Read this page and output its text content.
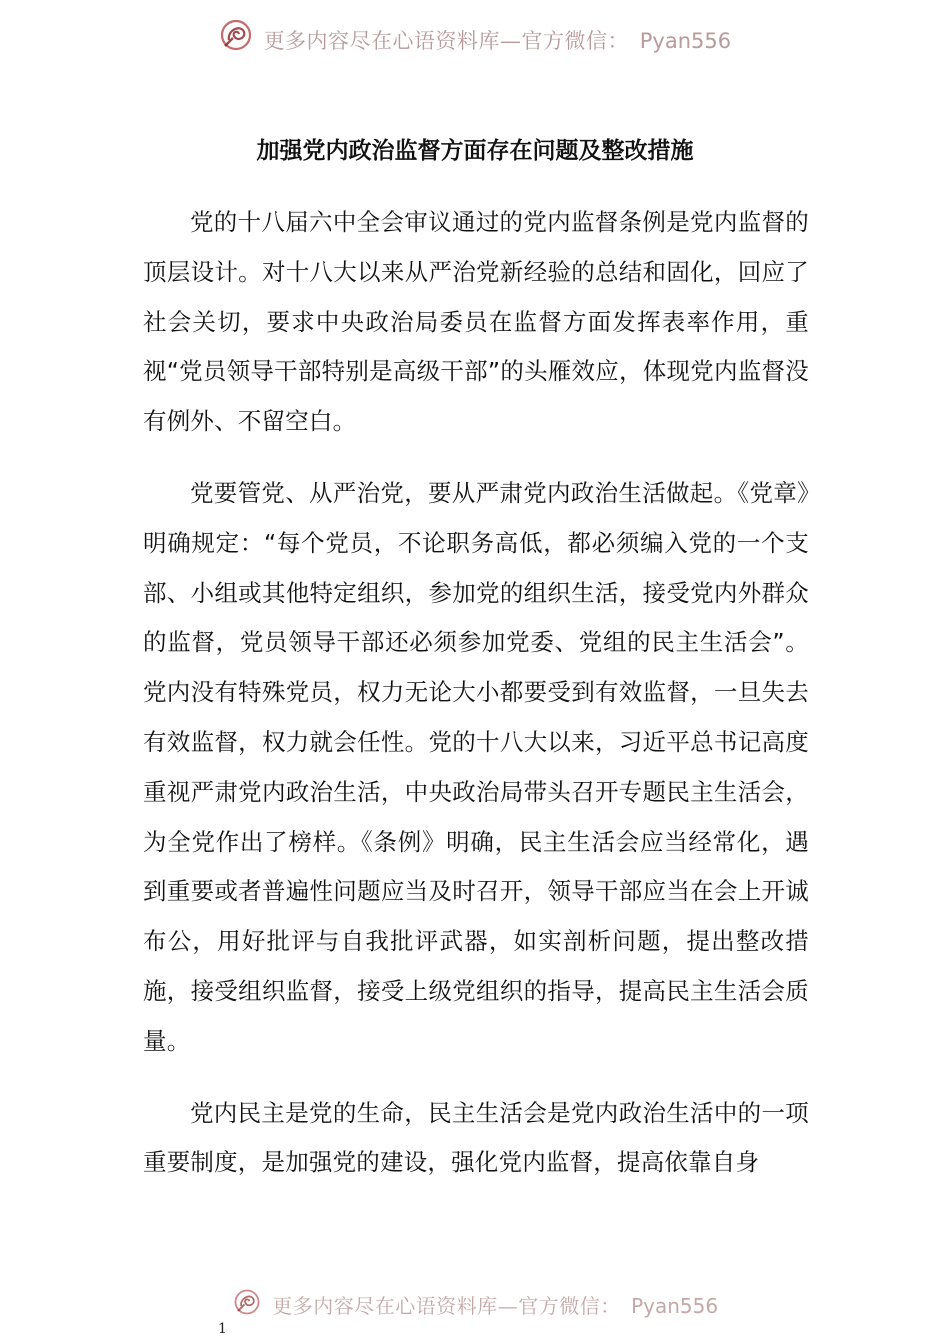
更多内容尽在心语资料库—官方微信： Pyan556
加强党内政治监督方面存在问题及整改措施

党的十八届六中全会审议通过的党内监督条例是党内监督的顶层设计。对十八大以来从严治党新经验的总结和固化，回应了社会关切，要求中央政治局委员在监督方面发挥表率作用，重视“党员领导干部特别是高级干部”的头雁效应，体现党内监督没有例外、不留空白。

党要管党、从严治党，要从严肃党内政治生活做起。《党章》明确规定：“每个党员，不论职务高低，都必须编入党的一个支部、小组或其他特定组织，参加党的组织生活，接受党内外群众的监督，党员领导干部还必须参加党委、党组的民主生活会”。党内没有特殊党员，权力无论大小都要受到有效监督，一旦失去有效监督，权力就会任性。党的十八大以来，习近平总书记高度重视严肃党内政治生活，中央政治局带头召开专题民主生活会，为全党作出了榜样。《条例》明确，民主生活会应当经常化，遇到重要或者普遍性问题应当及时召开，领导干部应当在会上开诚布公，用好批评与自我批评武器，如实剖析问题，提出整改措施，接受组织监督，接受上级党组织的指导，提高民主生活会质量。

党内民主是党的生命，民主生活会是党内政治生活中的一项重要制度，是加强党的建设，强化党内监督，提高依靠自身

更多内容尽在心语资料库—官方微信： Pyan556
1
